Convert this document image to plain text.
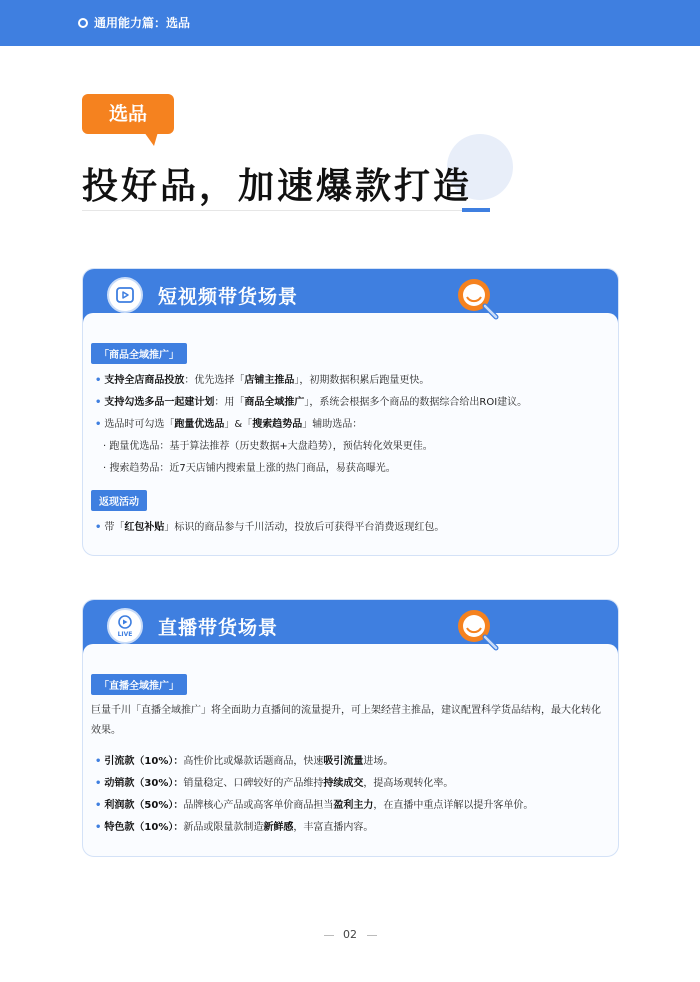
通用能力篇：选品
选品
投好品，加速爆款打造
短视频带货场景
「商品全域推广」
• 支持全店商品投放：优先选择「店铺主推品」，初期数据积累后跑量更快。
• 支持勾选多品一起建计划：用「商品全域推广」，系统会根据多个商品的数据综合给出ROI建议。
• 选品时可勾选「跑量优选品」&「搜索趋势品」辅助选品：
· 跑量优选品：基于算法推荐（历史数据+大盘趋势），预估转化效果更佳。
· 搜索趋势品：近7天店铺内搜索量上涨的热门商品，易获高曝光。
返现活动
• 带「红包补贴」标识的商品参与千川活动，投放后可获得平台消费返现红包。
LIVE 直播带货场景
「直播全域推广」

巨量千川「直播全域推广」将全面助力直播间的流量提升，可上架经营主推品，建议配置科学货品结构，最大化转化效果。

• 引流款（10%）：高性价比或爆款话题商品，快速吸引流量进场。
• 动销款（30%）：销量稳定、口碑较好的产品维持持续成交，提高场观转化率。
• 利润款（50%）：品牌核心产品或高客单价商品担当盈利主力，在直播中重点详解以提升客单价。
• 特色款（10%）：新品或限量款制造新鲜感，丰富直播内容。
02
